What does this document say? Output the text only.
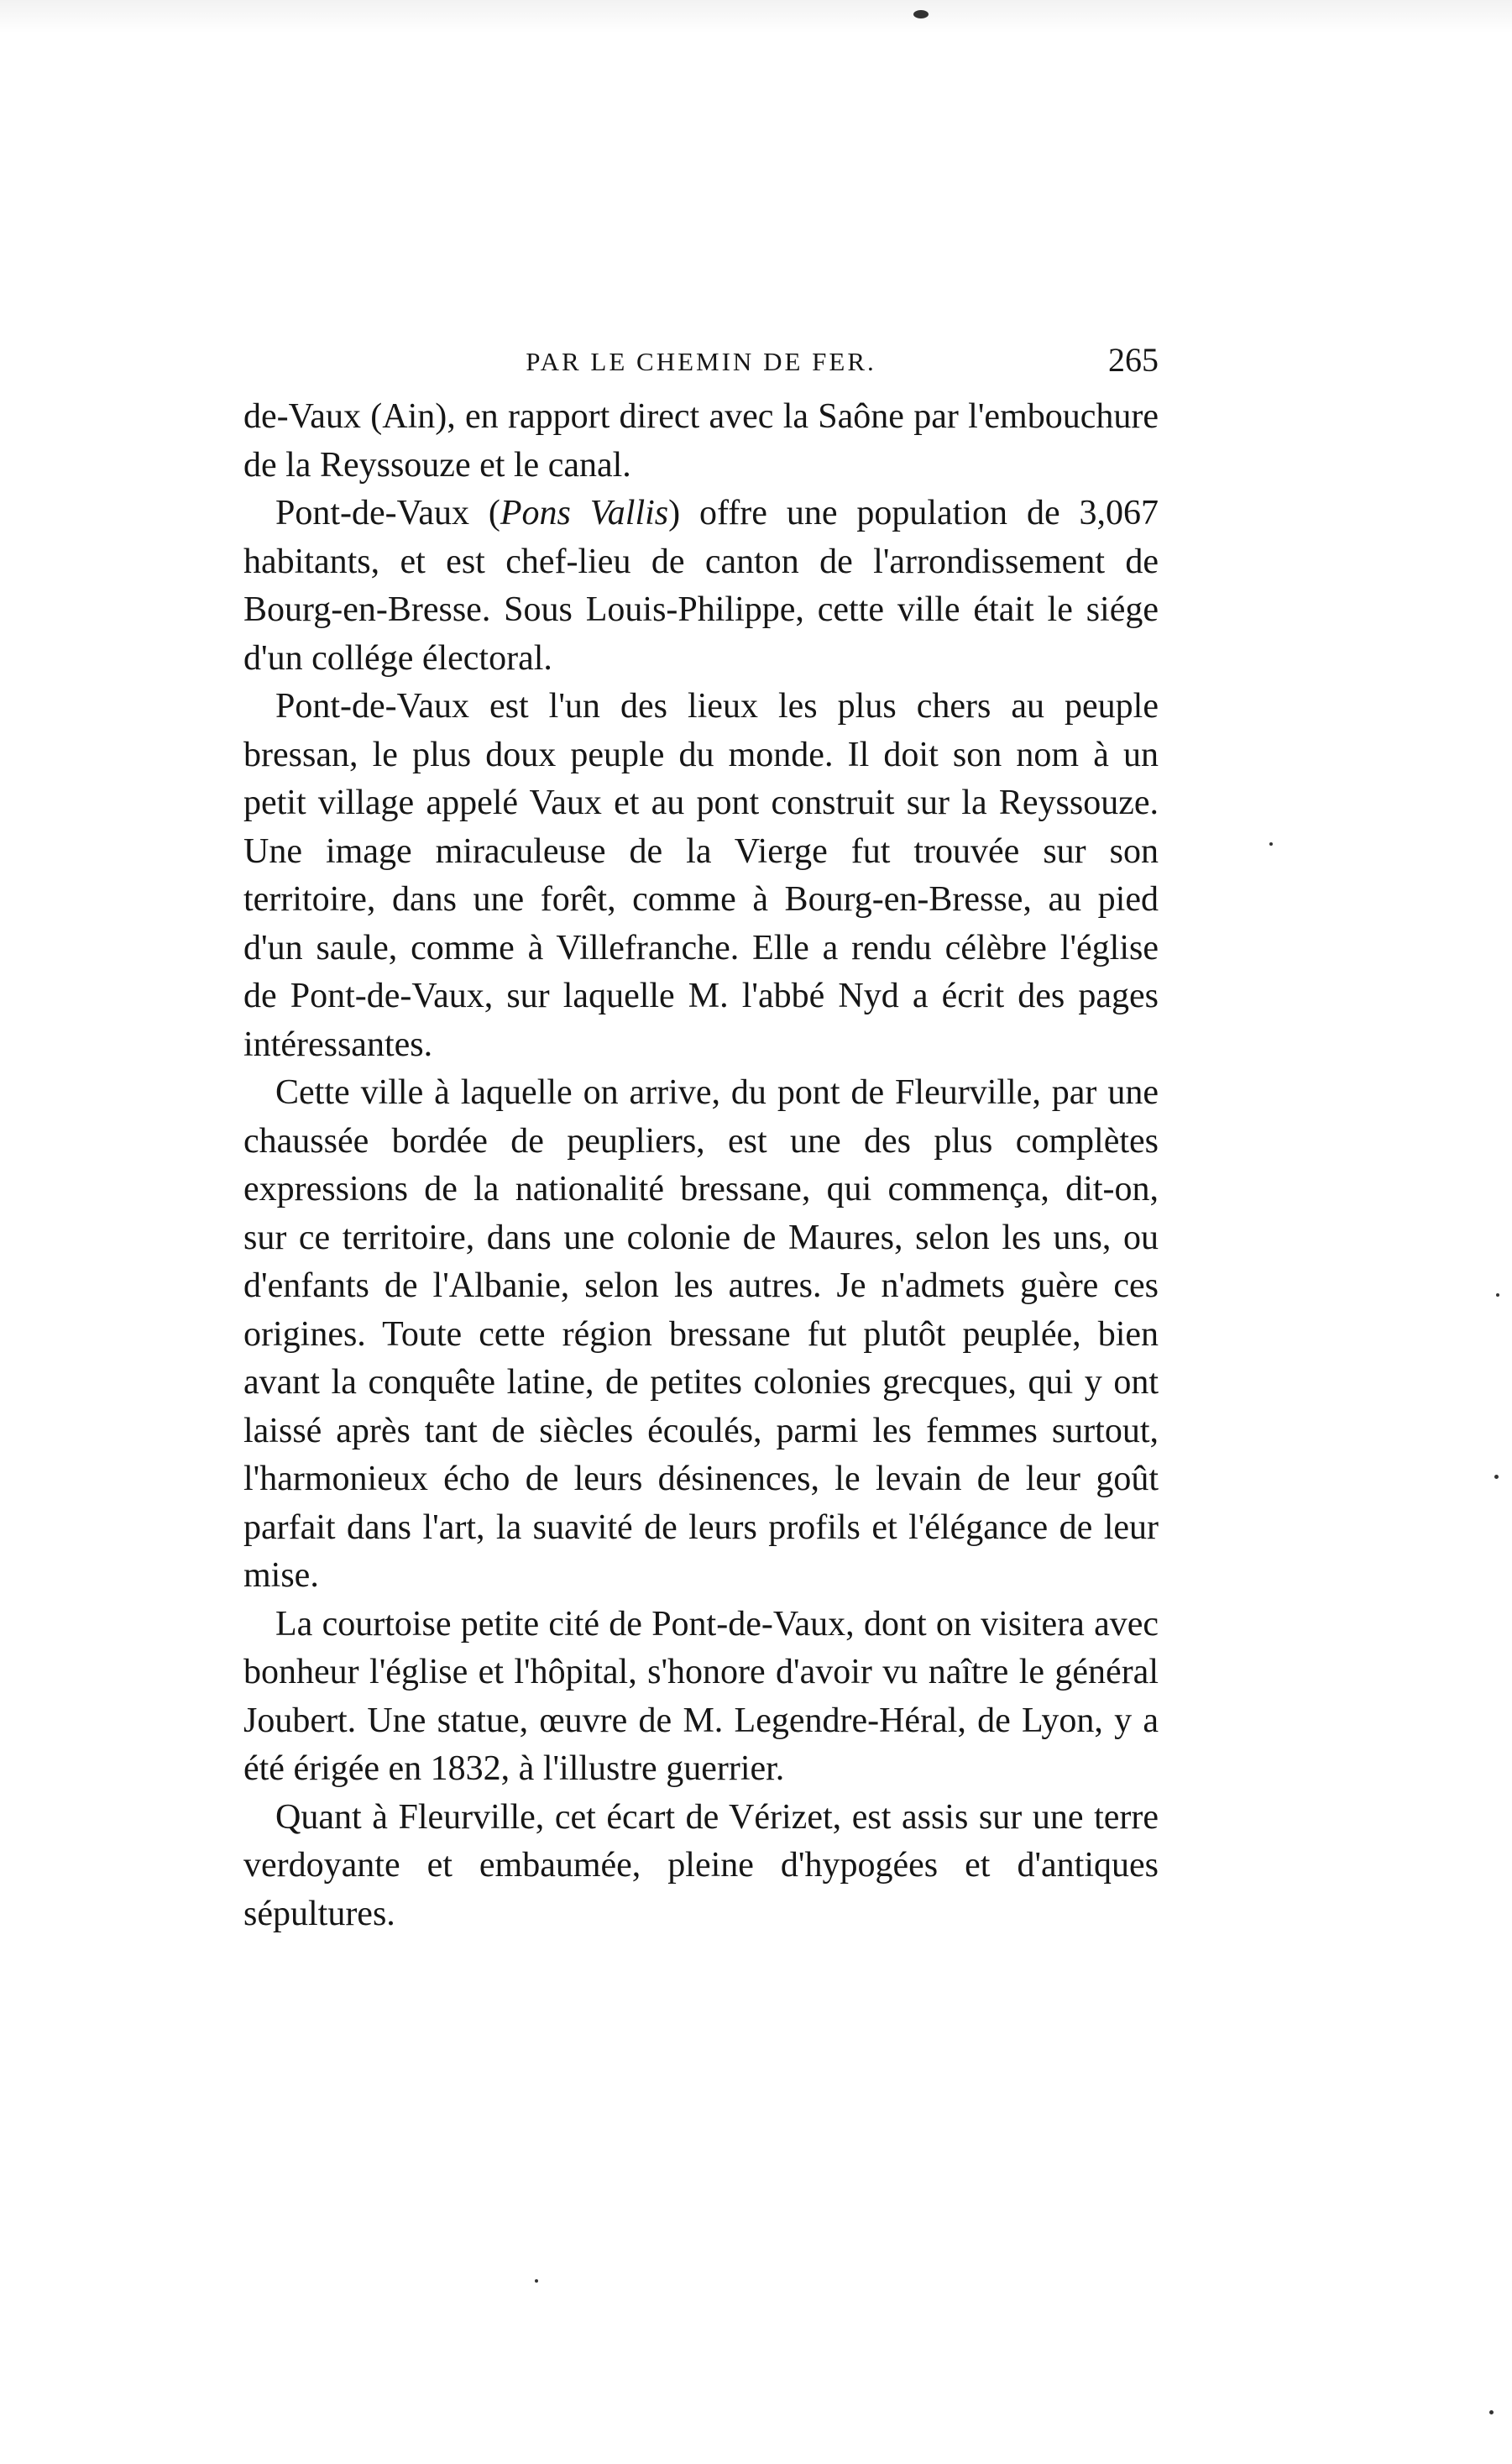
PAR LE CHEMIN DE FER.	265

de-Vaux (Ain), en rapport direct avec la Saône par l'embouchure de la Reyssouze et le canal.

Pont-de-Vaux (Pons Vallis) offre une population de 3,067 habitants, et est chef-lieu de canton de l'arrondissement de Bourg-en-Bresse. Sous Louis-Philippe, cette ville était le siége d'un collége électoral.

Pont-de-Vaux est l'un des lieux les plus chers au peuple bressan, le plus doux peuple du monde. Il doit son nom à un petit village appelé Vaux et au pont construit sur la Reyssouze. Une image miraculeuse de la Vierge fut trouvée sur son territoire, dans une forêt, comme à Bourg-en-Bresse, au pied d'un saule, comme à Villefranche. Elle a rendu célèbre l'église de Pont-de-Vaux, sur laquelle M. l'abbé Nyd a écrit des pages intéressantes.

Cette ville à laquelle on arrive, du pont de Fleurville, par une chaussée bordée de peupliers, est une des plus complètes expressions de la nationalité bressane, qui commença, dit-on, sur ce territoire, dans une colonie de Maures, selon les uns, ou d'enfants de l'Albanie, selon les autres. Je n'admets guère ces origines. Toute cette région bressane fut plutôt peuplée, bien avant la conquête latine, de petites colonies grecques, qui y ont laissé après tant de siècles écoulés, parmi les femmes surtout, l'harmonieux écho de leurs désinences, le levain de leur goût parfait dans l'art, la suavité de leurs profils et l'élégance de leur mise.

La courtoise petite cité de Pont-de-Vaux, dont on visitera avec bonheur l'église et l'hôpital, s'honore d'avoir vu naître le général Joubert. Une statue, œuvre de M. Legendre-Héral, de Lyon, y a été érigée en 1832, à l'illustre guerrier.

Quant à Fleurville, cet écart de Vérizet, est assis sur une terre verdoyante et embaumée, pleine d'hypogées et d'antiques sépultures.
